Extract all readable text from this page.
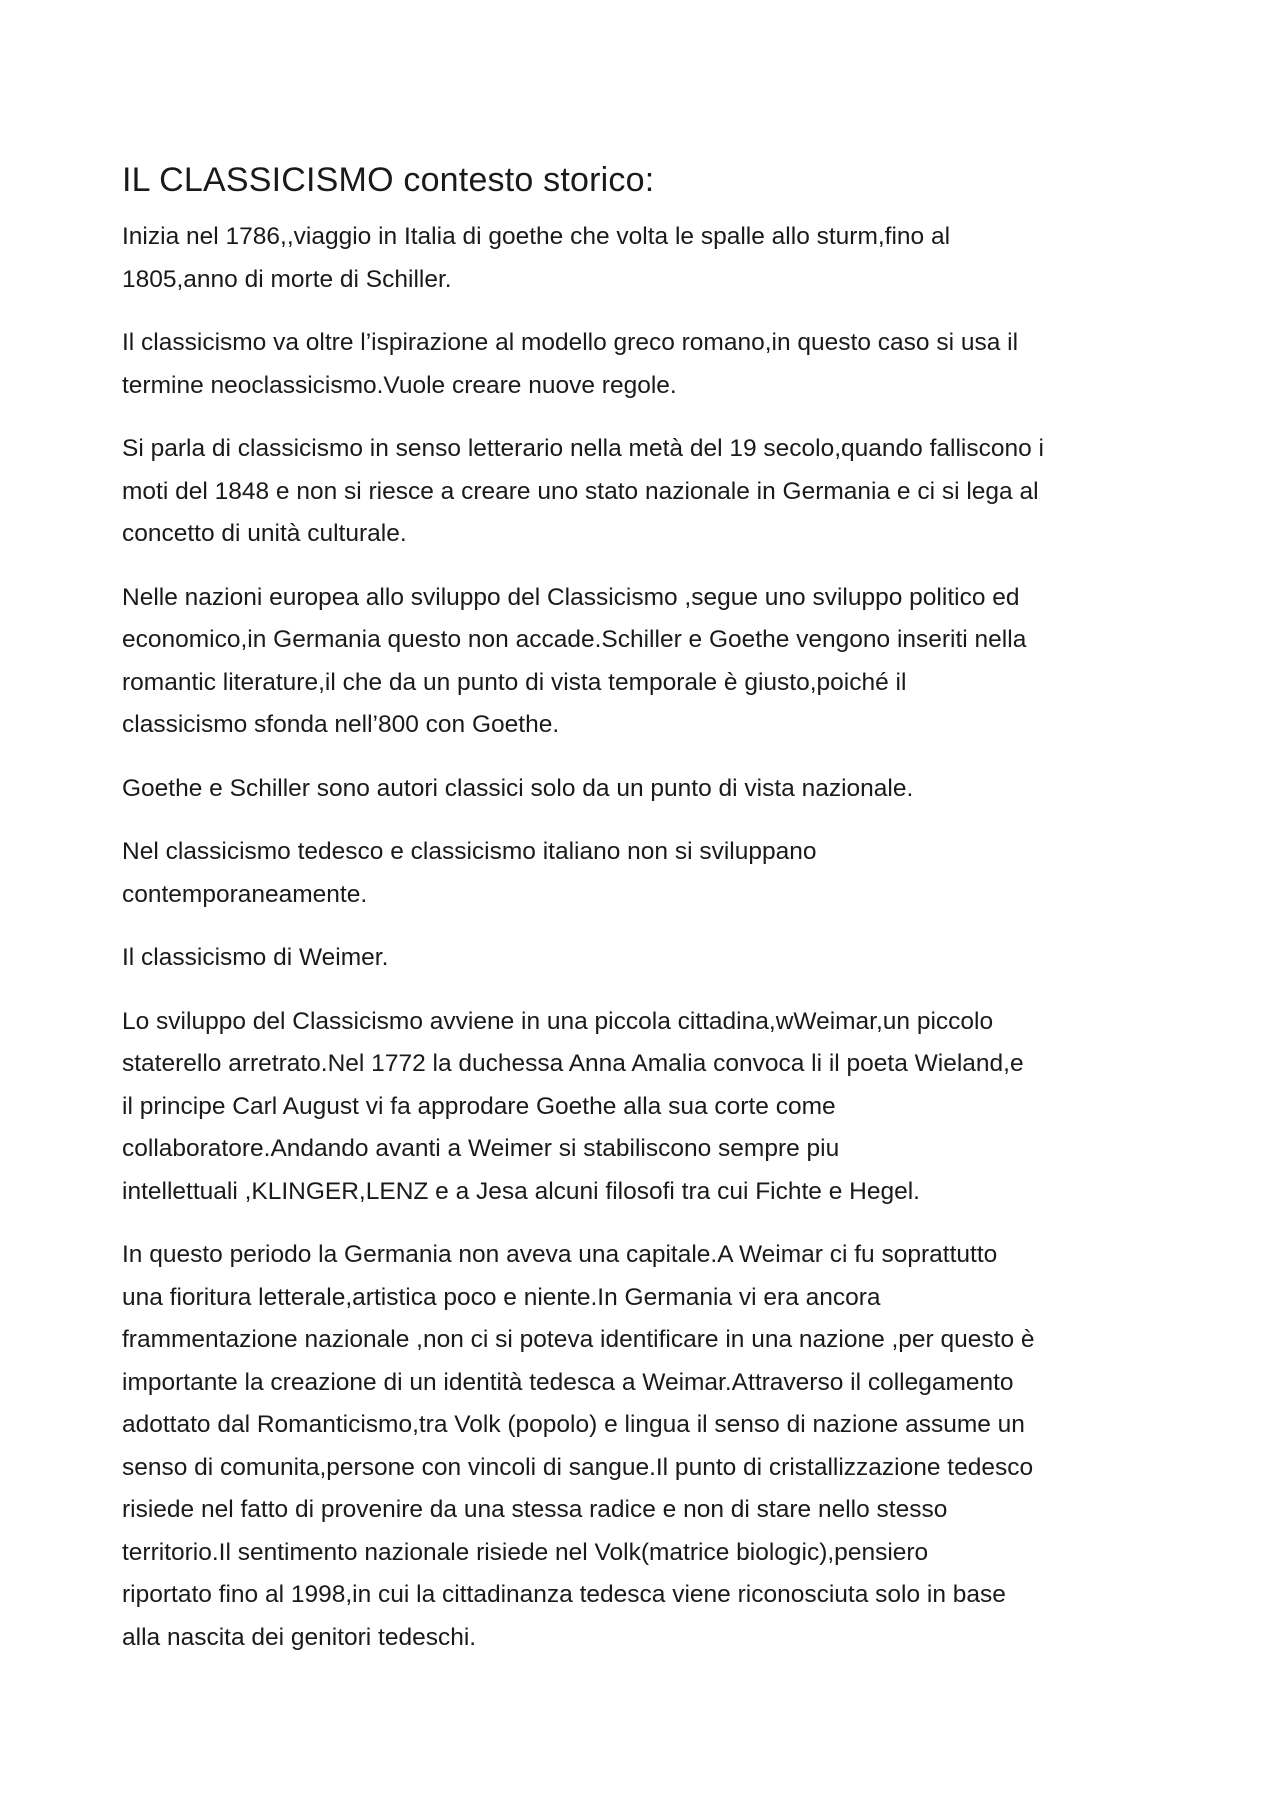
IL CLASSICISMO contesto storico:

Inizia nel 1786,,viaggio in Italia di goethe che volta le spalle allo sturm,fino al
1805,anno di morte di Schiller.

Il classicismo va oltre l’ispirazione al modello greco romano,in questo caso si usa il
termine neoclassicismo.Vuole creare nuove regole.

Si parla di classicismo in senso letterario nella metà del 19 secolo,quando falliscono i
moti del 1848 e non si riesce a creare uno stato nazionale in Germania e ci si lega al
concetto di unità culturale.

Nelle nazioni europea allo sviluppo del Classicismo ,segue uno sviluppo politico ed
economico,in Germania questo non accade.Schiller e Goethe vengono inseriti nella
romantic literature,il che da un punto di vista temporale è giusto,poiché il
classicismo sfonda nell’800 con Goethe.

Goethe e Schiller sono autori classici solo da un punto di vista nazionale.

Nel classicismo tedesco e classicismo italiano non si sviluppano
contemporaneamente.

Il classicismo di Weimer.

Lo sviluppo del Classicismo avviene in una piccola cittadina,wWeimar,un piccolo
staterello arretrato.Nel 1772 la duchessa Anna Amalia convoca li il poeta Wieland,e
il principe Carl August vi fa approdare Goethe alla sua corte come
collaboratore.Andando avanti a Weimer si stabiliscono sempre piu
intellettuali ,KLINGER,LENZ e a Jesa alcuni filosofi tra cui Fichte e Hegel.

In questo periodo la Germania non aveva una capitale.A Weimar ci fu soprattutto
una fioritura letterale,artistica poco e niente.In Germania vi era ancora
frammentazione nazionale ,non ci si poteva identificare in una nazione ,per questo è
importante la creazione di un identità tedesca a Weimar.Attraverso il collegamento
adottato dal Romanticismo,tra Volk (popolo) e lingua il senso di nazione assume un
senso di comunita,persone con vincoli di sangue.Il punto di cristallizzazione tedesco
risiede nel fatto di provenire da una stessa radice e non di stare nello stesso
territorio.Il sentimento nazionale risiede nel Volk(matrice biologic),pensiero
riportato fino al 1998,in cui la cittadinanza tedesca viene riconosciuta solo in base
alla nascita dei genitori tedeschi.
